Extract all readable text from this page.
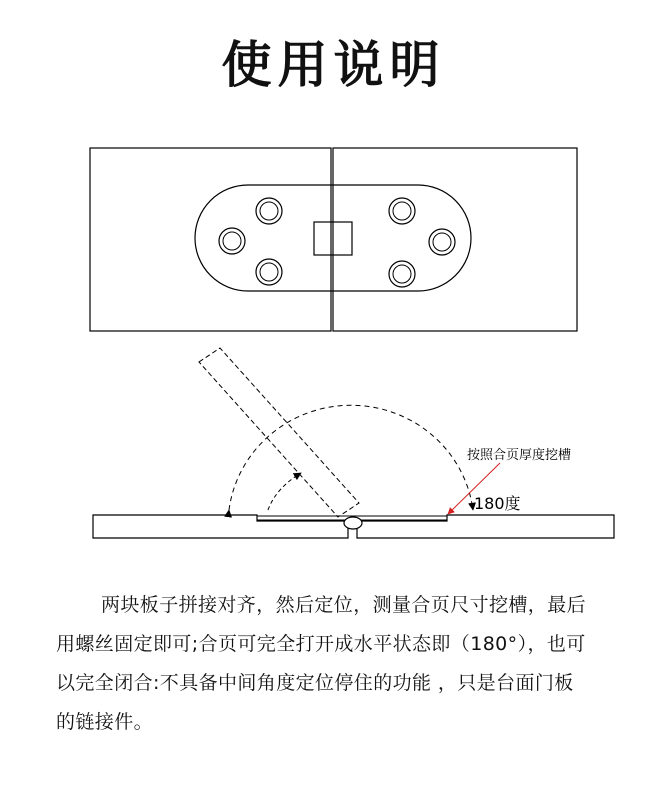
使用说明
按照合页厚度挖槽
180度

两块板子拼接对齐，然后定位，测量合页尺寸挖槽，最后

用螺丝固定即可;合页可完全打开成水平状态即（180°），也可

以完全闭合:不具备中间角度定位停住的功能 ，只是台面门板

的链接件。
